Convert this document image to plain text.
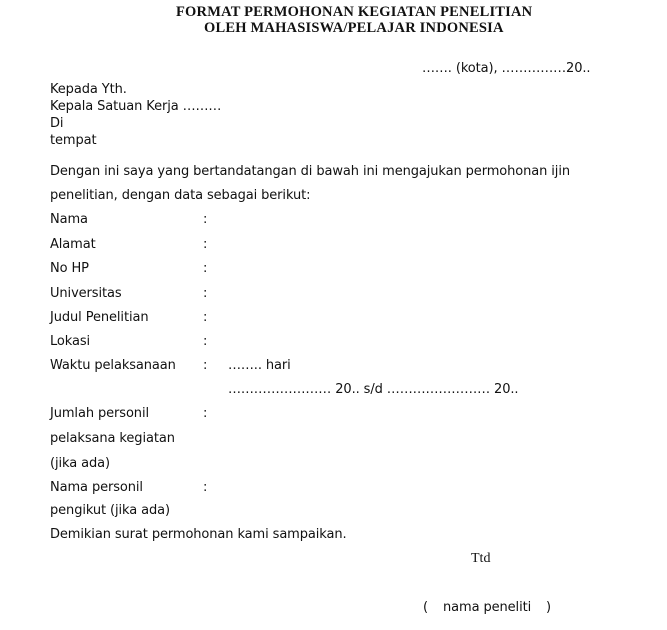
FORMAT PERMOHONAN KEGIATAN PENELITIAN
OLEH MAHASISWA/PELAJAR INDONESIA
……. (kota), ……………20..
Kepada Yth.
Kepala Satuan Kerja ………
Di
tempat
Dengan ini saya yang bertandatangan di bawah ini mengajukan permohonan ijin
penelitian, dengan data sebagai berikut:
Nama	:
Alamat	:
No HP	:
Universitas	:
Judul Penelitian	:
Lokasi	:
Waktu pelaksanaan : …….. hari
…………………… 20.. s/d …………………… 20..
Jumlah personil	:
pelaksana kegiatan
(jika ada)
Nama personil	:
pengikut (jika ada)
Demikian surat permohonan kami sampaikan.
Ttd
( nama peneliti )
